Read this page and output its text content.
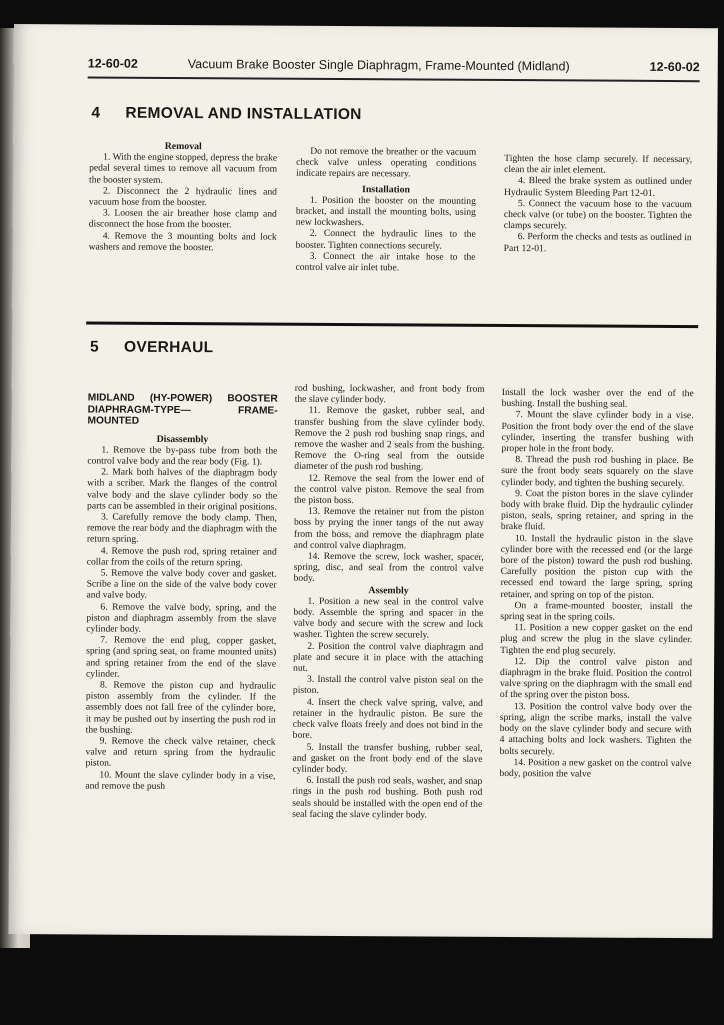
12-60-02	Vacuum Brake Booster Single Diaphragm, Frame-Mounted (Midland)	12-60-02
4 REMOVAL AND INSTALLATION
Removal

1. With the engine stopped, depress the brake pedal several times to remove all vacuum from the booster system.

2. Disconnect the 2 hydraulic lines and vacuum hose from the booster.

3. Loosen the air breather hose clamp and disconnect the hose from the booster.

4. Remove the 3 mounting bolts and lock washers and remove the booster.

Do not remove the breather or the vacuum check valve unless operating conditions indicate repairs are necessary.

Installation

1. Position the booster on the mounting bracket, and install the mounting bolts, using new lockwashers.

2. Connect the hydraulic lines to the booster. Tighten connections securely.

3. Connect the air intake hose to the control valve air inlet tube.

Tighten the hose clamp securely. If necessary, clean the air inlet element.

4. Bleed the brake system as outlined under Hydraulic System Bleeding Part 12-01.

5. Connect the vacuum hose to the vacuum check valve (or tube) on the booster. Tighten the clamps securely.

6. Perform the checks and tests as outlined in Part 12-01.

5 OVERHAUL
MIDLAND (HY-POWER) BOOSTER DIAPHRAGM-TYPE— FRAME-MOUNTED
Disassembly

1. Remove the by-pass tube from both the control valve body and the rear body (Fig. 1).

2. Mark both halves of the diaphragm body with a scriber. Mark the flanges of the control valve body and the slave cylinder body so the parts can be assembled in their original positions.

3. Carefully remove the body clamp. Then, remove the rear body and the diaphragm with the return spring.

4. Remove the push rod, spring retainer and collar from the coils of the return spring.

5. Remove the valve body cover and gasket. Scribe a line on the side of the valve body cover and valve body.

6. Remove the valve body, spring, and the piston and diaphragm assembly from the slave cylinder body.

7. Remove the end plug, copper gasket, spring (and spring seat, on frame mounted units) and spring retainer from the end of the slave cylinder.

8. Remove the piston cup and hydraulic piston assembly from the cylinder. If the assembly does not fall free of the cylinder bore, it may be pushed out by inserting the push rod in the bushing.

9. Remove the check valve retainer, check valve and return spring from the hydraulic piston.

10. Mount the slave cylinder body in a vise, and remove the push

rod bushing, lockwasher, and front body from the slave cylinder body.

11. Remove the gasket, rubber seal, and transfer bushing from the slave cylinder body. Remove the 2 push rod bushing snap rings, and remove the washer and 2 seals from the bushing. Remove the O-ring seal from the outside diameter of the push rod bushing.

12. Remove the seal from the lower end of the control valve piston. Remove the seal from the piston boss.

13. Remove the retainer nut from the piston boss by prying the inner tangs of the nut away from the boss, and remove the diaphragm plate and control valve diaphragm.

14. Remove the screw, lock washer, spacer, spring, disc, and seal from the control valve body.

Assembly

1. Position a new seal in the control valve body. Assemble the spring and spacer in the valve body and secure with the screw and lock washer. Tighten the screw securely.

2. Position the control valve diaphragm and plate and secure it in place with the attaching nut.

3. Install the control valve piston seal on the piston.

4. Insert the check valve spring, valve, and retainer in the hydraulic piston. Be sure the check valve floats freely and does not bind in the bore.

5. Install the transfer bushing, rubber seal, and gasket on the front body end of the slave cylinder body.

6. Install the push rod seals, washer, and snap rings in the push rod bushing. Both push rod seals should be installed with the open end of the seal facing the slave cylinder body.

Install the lock washer over the end of the bushing. Install the bushing seal.

7. Mount the slave cylinder body in a vise. Position the front body over the end of the slave cylinder, inserting the transfer bushing with proper hole in the front body.

8. Thread the push rod bushing in place. Be sure the front body seats squarely on the slave cylinder body, and tighten the bushing securely.

9. Coat the piston bores in the slave cylinder body with brake fluid. Dip the hydraulic cylinder piston, seals, spring retainer, and spring in the brake fluid.

10. Install the hydraulic piston in the slave cylinder bore with the recessed end (or the large bore of the piston) toward the push rod bushing. Carefully position the piston cup with the recessed end toward the large spring, spring retainer, and spring on top of the piston.

On a frame-mounted booster, install the spring seat in the spring coils.

11. Position a new copper gasket on the end plug and screw the plug in the slave cylinder. Tighten the end plug securely.

12. Dip the control valve piston and diaphragm in the brake fluid. Position the control valve spring on the diaphragm with the small end of the spring over the piston boss.

13. Position the control valve body over the spring, align the scribe marks, install the valve body on the slave cylinder body and secure with 4 attaching bolts and lock washers. Tighten the bolts securely.

14. Position a new gasket on the control valve body, position the valve
